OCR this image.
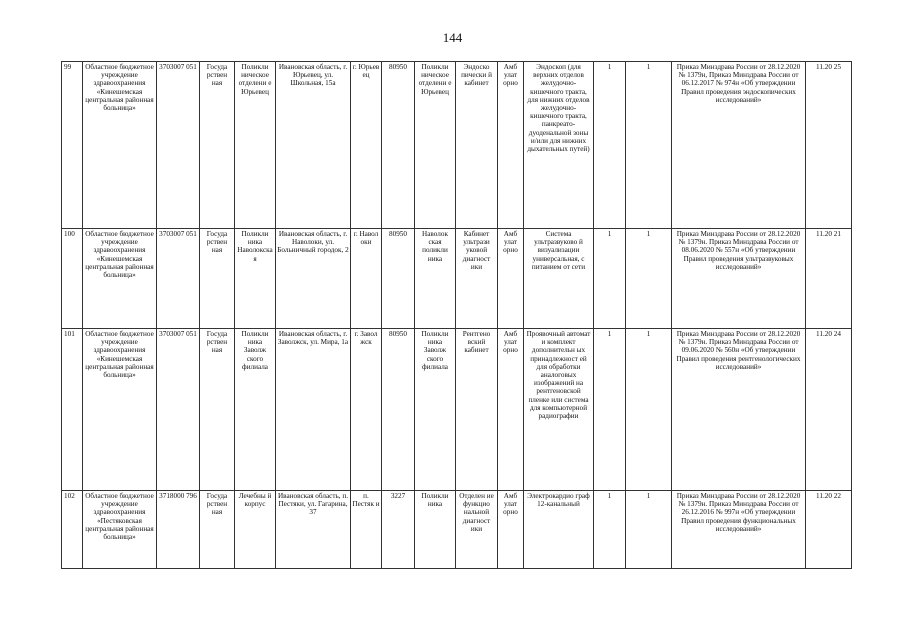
144
99	Областное бюджетное учреждение здравоохранения «Кинешемская центральная районная больница»	3703007 051	Госуда рствен ная	Поликли ническое отделени е Юрьевец	Ивановская область, г. Юрьевец, ул. Школьная, 15а	г. Юрьев ец	80950	Поликли ническое отделени е Юрьевец	Эндоско пически й кабинет	Амб улат орно	Эндоскоп (для верхних отделов желудочно-кишечного тракта, для нижних отделов желудочно-кишечного тракта, панкреато-дуоденальной зоны и/или для нижних дыхательных путей)	1	1	Приказ Минздрава России от 28.12.2020 № 1379н, Приказ Минздрава России от 06.12.2017 № 974н «Об утверждении Правил проведения эндоскопических исследований»	11.20 25
100	Областное бюджетное учреждение здравоохранения «Кинешемская центральная районная больница»	3703007 051	Госуда рствен ная	Поликли ника Наволокская	Ивановская область, г. Наволоки, ул. Больничный городок, 2	г. Навол оки	80950	Наволок ская поликли ника	Кабинет ультрази уковой диагност ики	Амб улат орно	Система ультразвуково й визуализации универсальная, с питанием от сети	1	1	Приказ Минздрава России от 28.12.2020 № 1379н. Приказ Минздрава России от 08.06.2020 № 557н «Об утверждении Правил проведения ультразвуковых исследований»	11.20 21
101	Областное бюджетное учреждение здравоохранения «Кинешемская центральная районная больница»	3703007 051	Госуда рствен ная	Поликли ника Заволж ского филиала	Ивановская область, г. Заволжск, ул. Мира, 1а	г. Завол жск	80950	Поликли ника Заволж ского филиала	Рентгено вский кабинет	Амб улат орно	Проявочный автомат и комплект дополнительн ых принадлежност ей для обработки аналоговых изображений на рентгеновской пленке или система для компьютерной радиографии	1	1	Приказ Минздрава России от 28.12.2020 № 1379н. Приказ Минздрава России от 09.06.2020 № 560н «Об утверждении Правил проведения рентгенологических исследований»	11.20 24
102	Областное бюджетное учреждение здравоохранения «Пестяковская центральная районная больница»	3718000 796	Госуда рствен ная	Лечебны й корпус	Ивановская область, п. Пестяки, ул. Гагарина, 37	п. Пестяк и	3227	Поликли ника	Отделен ие функцио нальной диагност ики	Амб улат орно	Электрокардио граф 12-канальный	1	1	Приказ Минздрава России от 28.12.2020 № 1379н. Приказ Минздрава России от 26.12.2016 № 997н «Об утверждении Правил проведения функциональных исследований»	11.20 22
